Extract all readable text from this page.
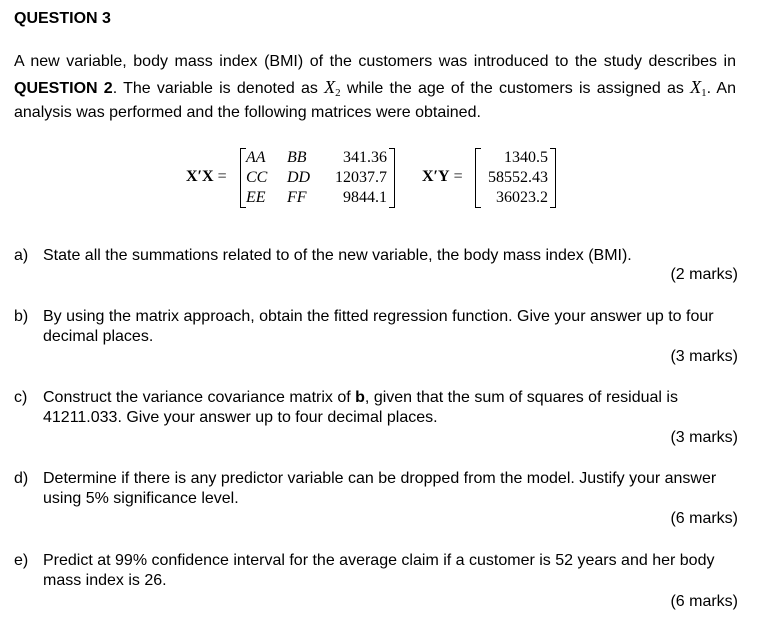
QUESTION 3
A new variable, body mass index (BMI) of the customers was introduced to the study describes in QUESTION 2. The variable is denoted as $X_2$ while the age of the customers is assigned as $X_1$. An analysis was performed and the following matrices were obtained.
X′X =
AA BB	341.36
CC DD	12037.7
EE FF	9844.1
X′Y =
1340.5
58552.43
36023.2
a) State all the summations related to of the new variable, the body mass index (BMI).
(2 marks)
b) By using the matrix approach, obtain the fitted regression function. Give your answer up to four decimal places.
(3 marks)
c) Construct the variance covariance matrix of b, given that the sum of squares of residual is 41211.033. Give your answer up to four decimal places.
(3 marks)
d) Determine if there is any predictor variable can be dropped from the model. Justify your answer using 5% significance level.
(6 marks)
e) Predict at 99% confidence interval for the average claim if a customer is 52 years and her body mass index is 26.
(6 marks)
